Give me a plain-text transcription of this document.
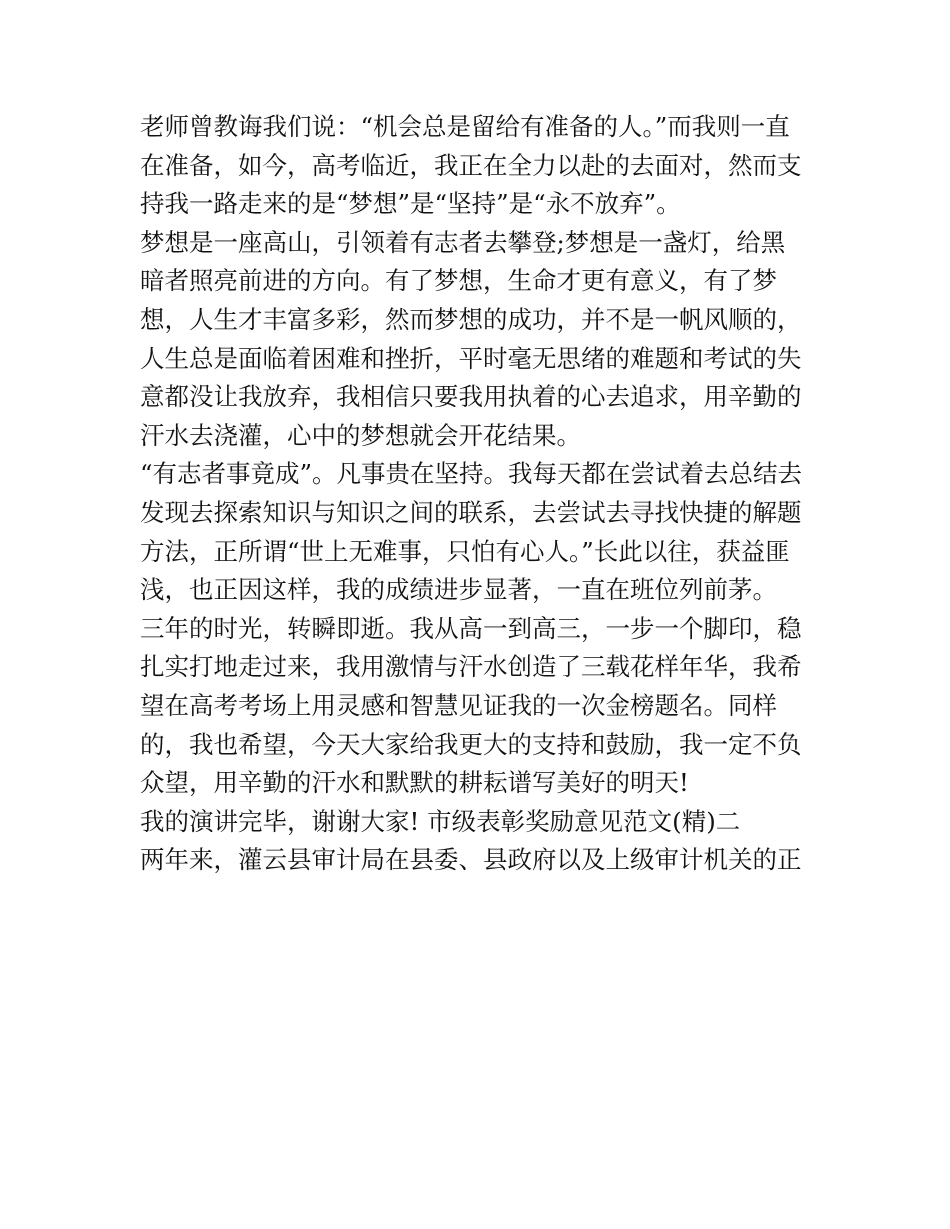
老师曾教诲我们说：“机会总是留给有准备的人。”而我则一直
在准备，如今，高考临近，我正在全力以赴的去面对，然而支
持我一路走来的是“梦想”是“坚持”是“永不放弃”。
梦想是一座高山，引领着有志者去攀登;梦想是一盏灯，给黑
暗者照亮前进的方向。有了梦想，生命才更有意义，有了梦
想，人生才丰富多彩，然而梦想的成功，并不是一帆风顺的，
人生总是面临着困难和挫折，平时毫无思绪的难题和考试的失
意都没让我放弃，我相信只要我用执着的心去追求，用辛勤的
汗水去浇灌，心中的梦想就会开花结果。
“有志者事竟成”。凡事贵在坚持。我每天都在尝试着去总结去
发现去探索知识与知识之间的联系，去尝试去寻找快捷的解题
方法，正所谓“世上无难事，只怕有心人。”长此以往，获益匪
浅，也正因这样，我的成绩进步显著，一直在班位列前茅。
三年的时光，转瞬即逝。我从高一到高三，一步一个脚印，稳
扎实打地走过来，我用激情与汗水创造了三载花样年华，我希
望在高考考场上用灵感和智慧见证我的一次金榜题名。同样
的，我也希望，今天大家给我更大的支持和鼓励，我一定不负
众望，用辛勤的汗水和默默的耕耘谱写美好的明天!
我的演讲完毕，谢谢大家! 市级表彰奖励意见范文(精)二
两年来，灌云县审计局在县委、县政府以及上级审计机关的正
